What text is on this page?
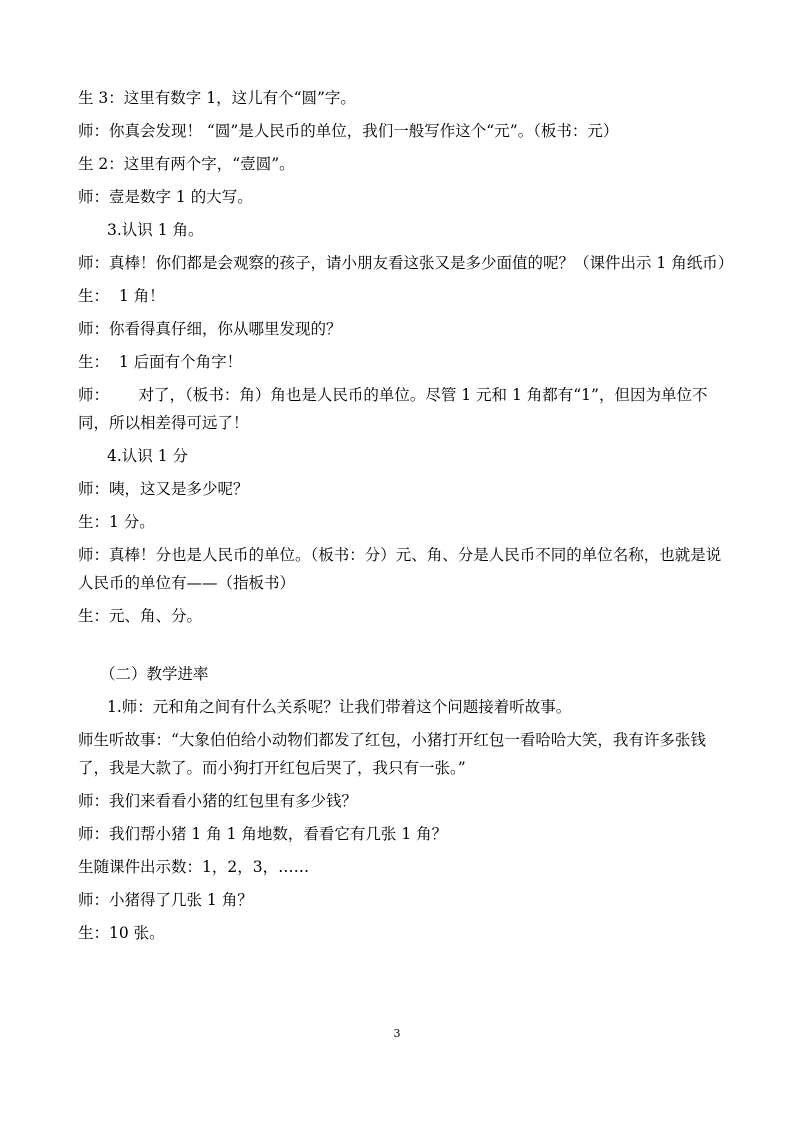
生 3：这里有数字 1，这儿有个“圆”字。

师：你真会发现！ “圆”是人民币的单位，我们一般写作这个“元”。（板书：元）

生 2：这里有两个字，“壹圆”。

师：壹是数字 1 的大写。

3.认识 1 角。

师：真棒！你们都是会观察的孩子，请小朋友看这张又是多少面值的呢？（课件出示 1 角纸币）

生：  1 角！

师：你看得真仔细，你从哪里发现的？

生：  1 后面有个角字！

师：      对了，（板书：角）角也是人民币的单位。尽管 1 元和 1 角都有“1”，但因为单位不同，所以相差得可远了！

4.认识 1 分

师：咦，这又是多少呢？

生：1 分。

师：真棒！分也是人民币的单位。（板书：分）元、角、分是人民币不同的单位名称，也就是说人民币的单位有——（指板书）

生：元、角、分。

（二）教学进率

1.师：元和角之间有什么关系呢？让我们带着这个问题接着听故事。

师生听故事：“大象伯伯给小动物们都发了红包，小猪打开红包一看哈哈大笑，我有许多张钱了，我是大款了。而小狗打开红包后哭了，我只有一张。”

师：我们来看看小猪的红包里有多少钱？

师：我们帮小猪 1 角 1 角地数，看看它有几张 1 角？

生随课件出示数：1，2，3，……

师：小猪得了几张 1 角？

生：10 张。

3
